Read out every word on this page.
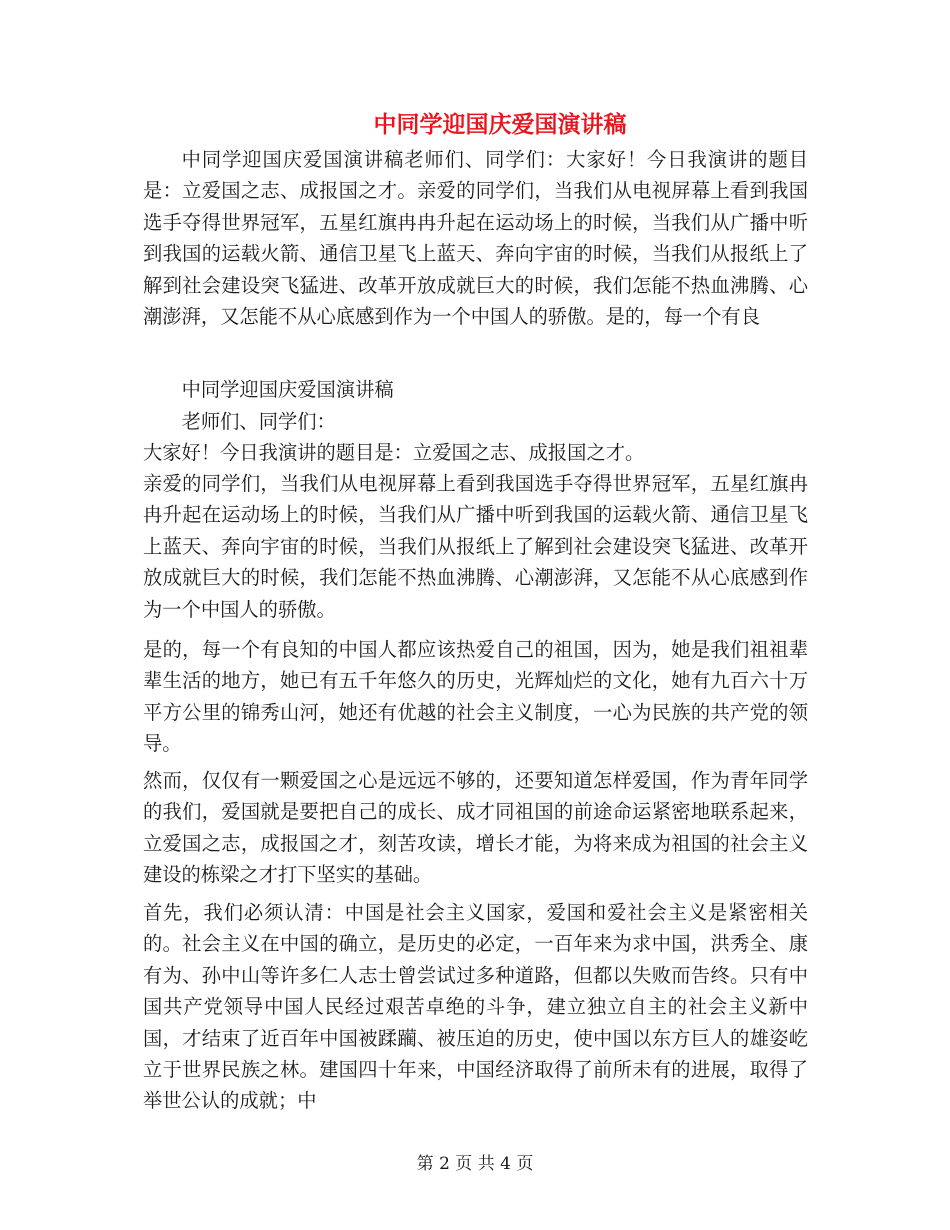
中同学迎国庆爱国演讲稿

中同学迎国庆爱国演讲稿老师们、同学们：大家好！今日我演讲的题目是：立爱国之志、成报国之才。亲爱的同学们，当我们从电视屏幕上看到我国选手夺得世界冠军，五星红旗冉冉升起在运动场上的时候，当我们从广播中听到我国的运载火箭、通信卫星飞上蓝天、奔向宇宙的时候，当我们从报纸上了解到社会建设突飞猛进、改革开放成就巨大的时候，我们怎能不热血沸腾、心潮澎湃，又怎能不从心底感到作为一个中国人的骄傲。是的，每一个有良

中同学迎国庆爱国演讲稿

老师们、同学们：

大家好！今日我演讲的题目是：立爱国之志、成报国之才。

亲爱的同学们，当我们从电视屏幕上看到我国选手夺得世界冠军，五星红旗冉冉升起在运动场上的时候，当我们从广播中听到我国的运载火箭、通信卫星飞上蓝天、奔向宇宙的时候，当我们从报纸上了解到社会建设突飞猛进、改革开放成就巨大的时候，我们怎能不热血沸腾、心潮澎湃，又怎能不从心底感到作为一个中国人的骄傲。

是的，每一个有良知的中国人都应该热爱自己的祖国，因为，她是我们祖祖辈辈生活的地方，她已有五千年悠久的历史，光辉灿烂的文化，她有九百六十万平方公里的锦秀山河，她还有优越的社会主义制度，一心为民族的共产党的领导。

然而，仅仅有一颗爱国之心是远远不够的，还要知道怎样爱国，作为青年同学的我们，爱国就是要把自己的成长、成才同祖国的前途命运紧密地联系起来，立爱国之志，成报国之才，刻苦攻读，增长才能，为将来成为祖国的社会主义建设的栋梁之才打下坚实的基础。

首先，我们必须认清：中国是社会主义国家，爱国和爱社会主义是紧密相关的。社会主义在中国的确立，是历史的必定，一百年来为求中国，洪秀全、康有为、孙中山等许多仁人志士曾尝试过多种道路，但都以失败而告终。只有中国共产党领导中国人民经过艰苦卓绝的斗争，建立独立自主的社会主义新中国，才结束了近百年中国被蹂躏、被压迫的历史，使中国以东方巨人的雄姿屹立于世界民族之林。建国四十年来，中国经济取得了前所未有的进展，取得了举世公认的成就；中

第 2 页 共 4 页
